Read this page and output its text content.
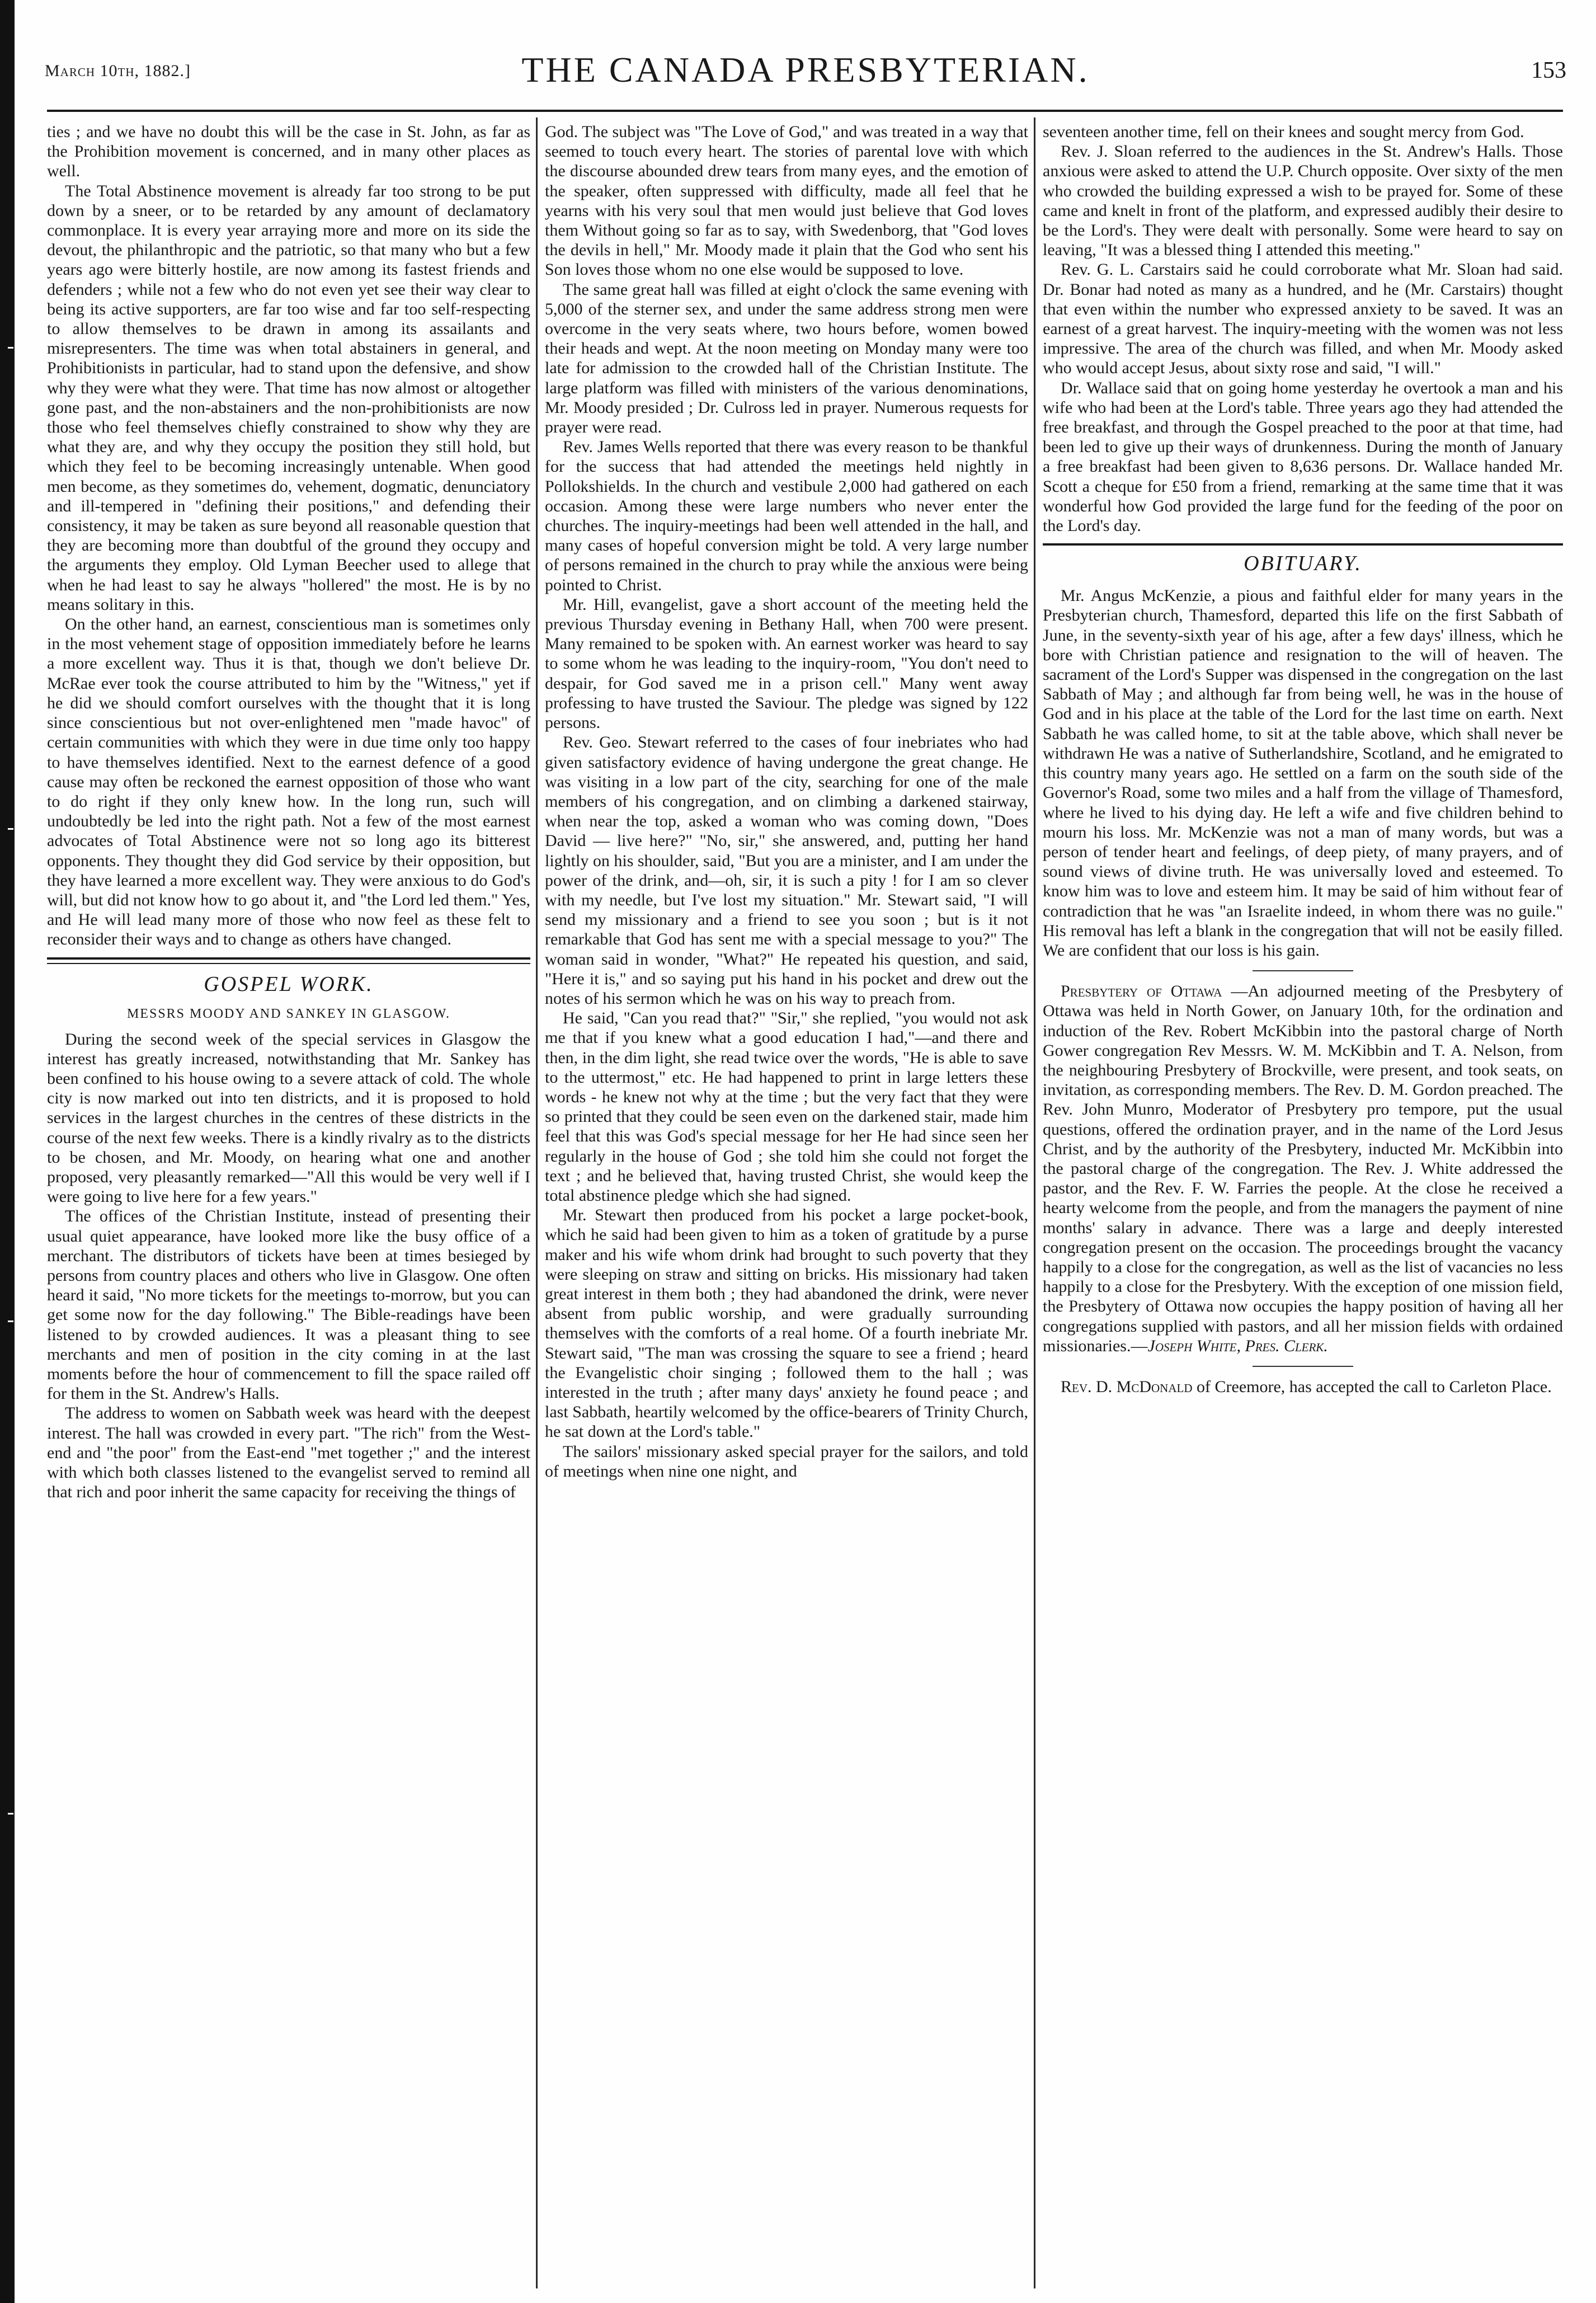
March 10th, 1882.]	THE CANADA PRESBYTERIAN.	153

ties ; and we have no doubt this will be the case in St. John, as far as the Prohibition movement is concerned, and in many other places as well.

The Total Abstinence movement is already far too strong to be put down by a sneer, or to be retarded by any amount of declamatory commonplace. It is every year arraying more and more on its side the devout, the philanthropic and the patriotic, so that many who but a few years ago were bitterly hostile, are now among its fastest friends and defenders ; while not a few who do not even yet see their way clear to being its active supporters, are far too wise and far too self-respecting to allow themselves to be drawn in among its assailants and misrepresenters. The time was when total abstainers in general, and Prohibitionists in particular, had to stand upon the defensive, and show why they were what they were. That time has now almost or altogether gone past, and the non-abstainers and the non-prohibitionists are now those who feel themselves chiefly constrained to show why they are what they are, and why they occupy the position they still hold, but which they feel to be becoming increasingly untenable. When good men become, as they sometimes do, vehement, dogmatic, denunciatory and ill-tempered in "defining their positions," and defending their consistency, it may be taken as sure beyond all reasonable question that they are becoming more than doubtful of the ground they occupy and the arguments they employ. Old Lyman Beecher used to allege that when he had least to say he always "hollered" the most. He is by no means solitary in this.

On the other hand, an earnest, conscientious man is sometimes only in the most vehement stage of opposition immediately before he learns a more excellent way. Thus it is that, though we don't believe Dr. McRae ever took the course attributed to him by the "Witness," yet if he did we should comfort ourselves with the thought that it is long since conscientious but not over-enlightened men "made havoc" of certain communities with which they were in due time only too happy to have themselves identified. Next to the earnest defence of a good cause may often be reckoned the earnest opposition of those who want to do right if they only knew how. In the long run, such will undoubtedly be led into the right path. Not a few of the most earnest advocates of Total Abstinence were not so long ago its bitterest opponents. They thought they did God service by their opposition, but they have learned a more excellent way. They were anxious to do God's will, but did not know how to go about it, and "the Lord led them." Yes, and He will lead many more of those who now feel as these felt to reconsider their ways and to change as others have changed.

GOSPEL WORK.
MESSRS MOODY AND SANKEY IN GLASGOW.

During the second week of the special services in Glasgow the interest has greatly increased, notwithstanding that Mr. Sankey has been confined to his house owing to a severe attack of cold. The whole city is now marked out into ten districts, and it is proposed to hold services in the largest churches in the centres of these districts in the course of the next few weeks. There is a kindly rivalry as to the districts to be chosen, and Mr. Moody, on hearing what one and another proposed, very pleasantly remarked—"All this would be very well if I were going to live here for a few years."

The offices of the Christian Institute, instead of presenting their usual quiet appearance, have looked more like the busy office of a merchant. The distributors of tickets have been at times besieged by persons from country places and others who live in Glasgow. One often heard it said, "No more tickets for the meetings to-morrow, but you can get some now for the day following." The Bible-readings have been listened to by crowded audiences. It was a pleasant thing to see merchants and men of position in the city coming in at the last moments before the hour of commencement to fill the space railed off for them in the St. Andrew's Halls.

The address to women on Sabbath week was heard with the deepest interest. The hall was crowded in every part. "The rich" from the West-end and "the poor" from the East-end "met together ;" and the interest with which both classes listened to the evangelist served to remind all that rich and poor inherit the same capacity for receiving the things of

God. The subject was "The Love of God," and was treated in a way that seemed to touch every heart. The stories of parental love with which the discourse abounded drew tears from many eyes, and the emotion of the speaker, often suppressed with difficulty, made all feel that he yearns with his very soul that men would just believe that God loves them Without going so far as to say, with Swedenborg, that "God loves the devils in hell," Mr. Moody made it plain that the God who sent his Son loves those whom no one else would be supposed to love.

The same great hall was filled at eight o'clock the same evening with 5,000 of the sterner sex, and under the same address strong men were overcome in the very seats where, two hours before, women bowed their heads and wept. At the noon meeting on Monday many were too late for admission to the crowded hall of the Christian Institute. The large platform was filled with ministers of the various denominations, Mr. Moody presided ; Dr. Culross led in prayer. Numerous requests for prayer were read.

Rev. James Wells reported that there was every reason to be thankful for the success that had attended the meetings held nightly in Pollokshields. In the church and vestibule 2,000 had gathered on each occasion. Among these were large numbers who never enter the churches. The inquiry-meetings had been well attended in the hall, and many cases of hopeful conversion might be told. A very large number of persons remained in the church to pray while the anxious were being pointed to Christ.

Mr. Hill, evangelist, gave a short account of the meeting held the previous Thursday evening in Bethany Hall, when 700 were present. Many remained to be spoken with. An earnest worker was heard to say to some whom he was leading to the inquiry-room, "You don't need to despair, for God saved me in a prison cell." Many went away professing to have trusted the Saviour. The pledge was signed by 122 persons.

Rev. Geo. Stewart referred to the cases of four inebriates who had given satisfactory evidence of having undergone the great change. He was visiting in a low part of the city, searching for one of the male members of his congregation, and on climbing a darkened stairway, when near the top, asked a woman who was coming down, "Does David — live here?" "No, sir," she answered, and, putting her hand lightly on his shoulder, said, "But you are a minister, and I am under the power of the drink, and—oh, sir, it is such a pity ! for I am so clever with my needle, but I've lost my situation." Mr. Stewart said, "I will send my missionary and a friend to see you soon ; but is it not remarkable that God has sent me with a special message to you?" The woman said in wonder, "What?" He repeated his question, and said, "Here it is," and so saying put his hand in his pocket and drew out the notes of his sermon which he was on his way to preach from.

He said, "Can you read that?" "Sir," she replied, "you would not ask me that if you knew what a good education I had,"—and there and then, in the dim light, she read twice over the words, "He is able to save to the uttermost," etc. He had happened to print in large letters these words - he knew not why at the time ; but the very fact that they were so printed that they could be seen even on the darkened stair, made him feel that this was God's special message for her He had since seen her regularly in the house of God ; she told him she could not forget the text ; and he believed that, having trusted Christ, she would keep the total abstinence pledge which she had signed.

Mr. Stewart then produced from his pocket a large pocket-book, which he said had been given to him as a token of gratitude by a purse maker and his wife whom drink had brought to such poverty that they were sleeping on straw and sitting on bricks. His missionary had taken great interest in them both ; they had abandoned the drink, were never absent from public worship, and were gradually surrounding themselves with the comforts of a real home. Of a fourth inebriate Mr. Stewart said, "The man was crossing the square to see a friend ; heard the Evangelistic choir singing ; followed them to the hall ; was interested in the truth ; after many days' anxiety he found peace ; and last Sabbath, heartily welcomed by the office-bearers of Trinity Church, he sat down at the Lord's table."

The sailors' missionary asked special prayer for the sailors, and told of meetings when nine one night, and

seventeen another time, fell on their knees and sought mercy from God.

Rev. J. Sloan referred to the audiences in the St. Andrew's Halls. Those anxious were asked to attend the U.P. Church opposite. Over sixty of the men who crowded the building expressed a wish to be prayed for. Some of these came and knelt in front of the platform, and expressed audibly their desire to be the Lord's. They were dealt with personally. Some were heard to say on leaving, "It was a blessed thing I attended this meeting."

Rev. G. L. Carstairs said he could corroborate what Mr. Sloan had said. Dr. Bonar had noted as many as a hundred, and he (Mr. Carstairs) thought that even within the number who expressed anxiety to be saved. It was an earnest of a great harvest. The inquiry-meeting with the women was not less impressive. The area of the church was filled, and when Mr. Moody asked who would accept Jesus, about sixty rose and said, "I will."

Dr. Wallace said that on going home yesterday he overtook a man and his wife who had been at the Lord's table. Three years ago they had attended the free breakfast, and through the Gospel preached to the poor at that time, had been led to give up their ways of drunkenness. During the month of January a free breakfast had been given to 8,636 persons. Dr. Wallace handed Mr. Scott a cheque for £50 from a friend, remarking at the same time that it was wonderful how God provided the large fund for the feeding of the poor on the Lord's day.

OBITUARY.

Mr. Angus McKenzie, a pious and faithful elder for many years in the Presbyterian church, Thamesford, departed this life on the first Sabbath of June, in the seventy-sixth year of his age, after a few days' illness, which he bore with Christian patience and resignation to the will of heaven. The sacrament of the Lord's Supper was dispensed in the congregation on the last Sabbath of May ; and although far from being well, he was in the house of God and in his place at the table of the Lord for the last time on earth. Next Sabbath he was called home, to sit at the table above, which shall never be withdrawn He was a native of Sutherlandshire, Scotland, and he emigrated to this country many years ago. He settled on a farm on the south side of the Governor's Road, some two miles and a half from the village of Thamesford, where he lived to his dying day. He left a wife and five children behind to mourn his loss. Mr. McKenzie was not a man of many words, but was a person of tender heart and feelings, of deep piety, of many prayers, and of sound views of divine truth. He was universally loved and esteemed. To know him was to love and esteem him. It may be said of him without fear of contradiction that he was "an Israelite indeed, in whom there was no guile." His removal has left a blank in the congregation that will not be easily filled. We are confident that our loss is his gain.

Presbytery of Ottawa —An adjourned meeting of the Presbytery of Ottawa was held in North Gower, on January 10th, for the ordination and induction of the Rev. Robert McKibbin into the pastoral charge of North Gower congregation Rev Messrs. W. M. McKibbin and T. A. Nelson, from the neighbouring Presbytery of Brockville, were present, and took seats, on invitation, as corresponding members. The Rev. D. M. Gordon preached. The Rev. John Munro, Moderator of Presbytery pro tempore, put the usual questions, offered the ordination prayer, and in the name of the Lord Jesus Christ, and by the authority of the Presbytery, inducted Mr. McKibbin into the pastoral charge of the congregation. The Rev. J. White addressed the pastor, and the Rev. F. W. Farries the people. At the close he received a hearty welcome from the people, and from the managers the payment of nine months' salary in advance. There was a large and deeply interested congregation present on the occasion. The proceedings brought the vacancy happily to a close for the congregation, as well as the list of vacancies no less happily to a close for the Presbytery. With the exception of one mission field, the Presbytery of Ottawa now occupies the happy position of having all her congregations supplied with pastors, and all her mission fields with ordained missionaries.—Joseph White, Pres. Clerk.

Rev. D. McDonald of Creemore, has accepted the call to Carleton Place.
